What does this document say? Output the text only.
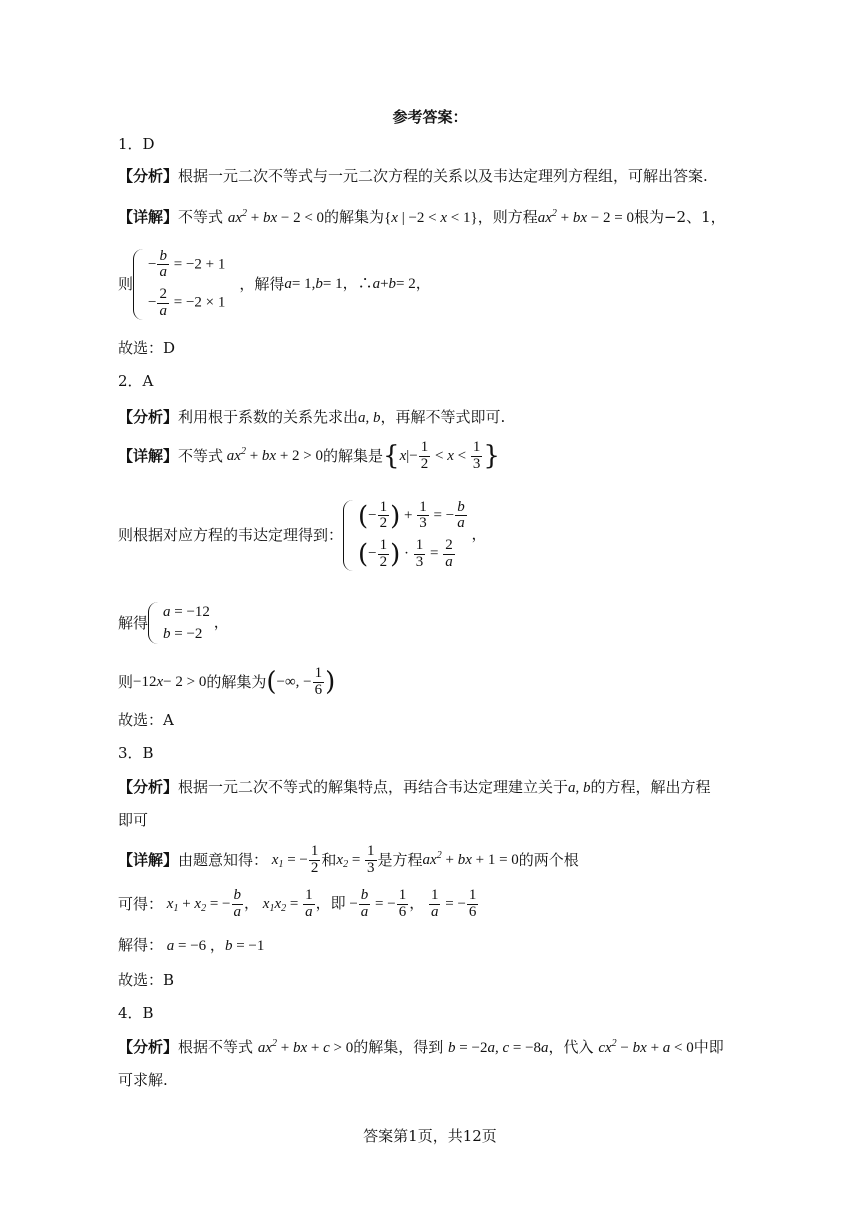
参考答案：
1．D
【分析】根据一元二次不等式与一元二次方程的关系以及韦达定理列方程组，可解出答案.
【详解】不等式 $ax^2$ + bx − 2 < 0的解集为{x | −2 < x < 1}，则方程$ax^2$ + bx − 2 = 0根为−2、1，
则
− $\frac{b}{a} = -2 + 1$
− $\frac{2}{a} = -2 \times 1$
，解得 a = 1, b = 1，∴ a + b = 2，
故选：D
2．A
【分析】利用根于系数的关系先求出a, b，再解不等式即可.
【详解】 不等式 $ax^2$ + bx + 2 > 0 的解集是 { x |− $\frac{1}{2} < x < \frac{1}{3}$ }
则根据对应方程的韦达定理得到：
(− $\frac{1}{2}$ ) + $\frac{1}{3}$ = − $\frac{b}{a}$
(− $\frac{1}{2}$ ) · $\frac{1}{3} = \frac{2}{a}$
，
解得
a = −12
b = −2
，
则 −12 x − 2 > 0 的解集为 ( −∞, − $\frac{1}{6}$ )
故选：A
3．B
【分析】根据一元二次不等式的解集特点，再结合韦达定理建立关于a, b的方程，解出方程
即可
【详解】 由题意知得： $x_1$ = − $\frac{1}{2}$ 和 $x_2 = \frac{1}{3}$ 是方程 $ax^2$ + bx + 1 = 0 的两个根
可得： $x_1 + x_2$ = − $\frac{b}{a}$ ， $x_1x_2 = \frac{1}{a}$ ，即 − $\frac{b}{a}$ = − $\frac{1}{6}$ ， $\frac{1}{a}$ = − $\frac{1}{6}$
解得： a = −6 ，b = −1
故选：B
4．B
【分析】根据不等式 $ax^2$ + bx + c > 0的解集，得到 b = −2a, c = −8a，代入 $cx^2$ − bx + a < 0中即
可求解.
答案第1页，共12页
